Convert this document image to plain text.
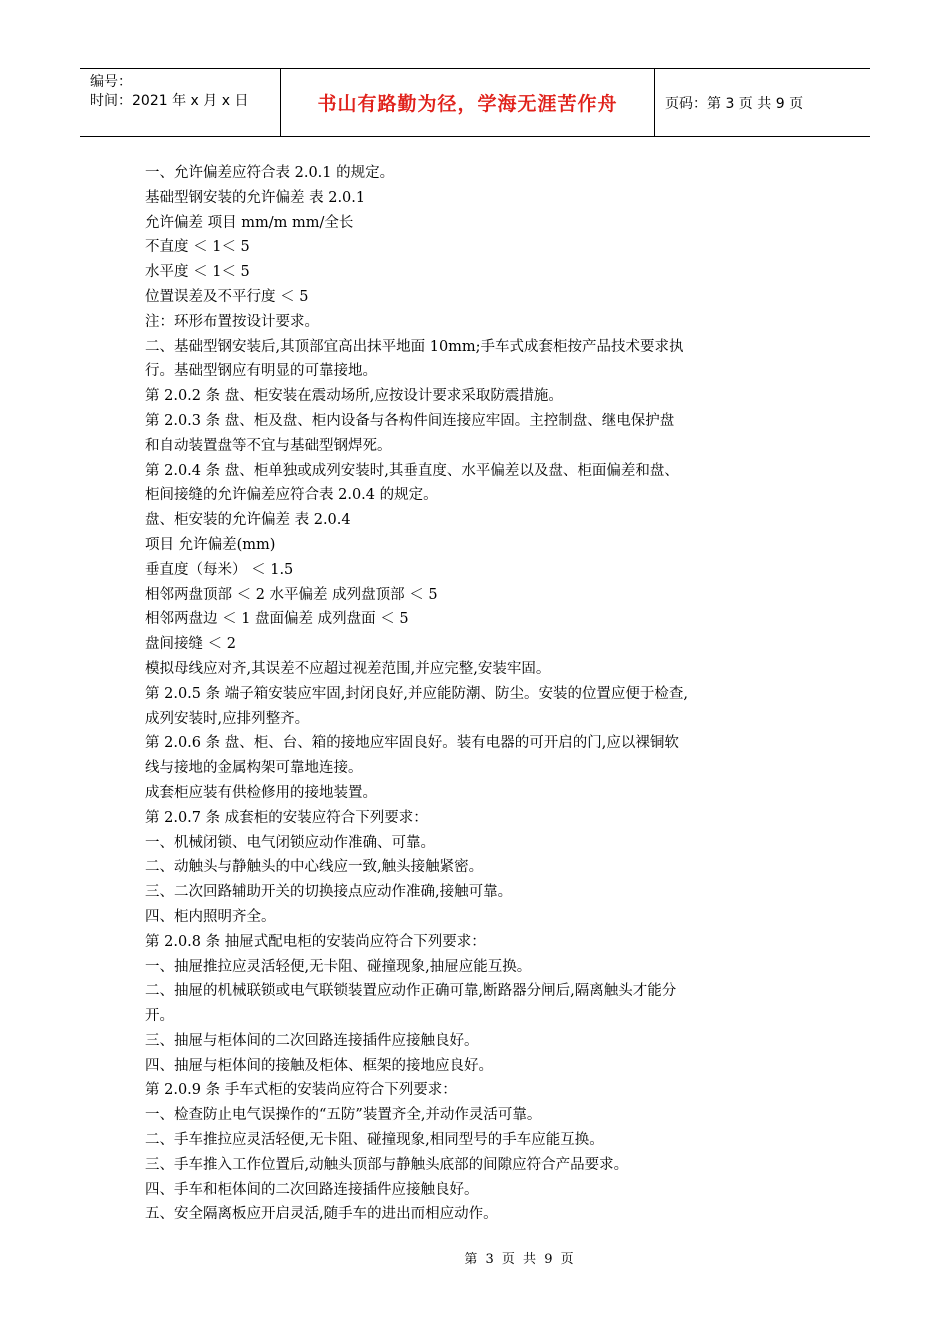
编号：
时间：2021 年 x 月 x 日	书山有路勤为径，学海无涯苦作舟	页码：第 3 页 共 9 页

一、允许偏差应符合表 2.0.1 的规定。

基础型钢安装的允许偏差 表 2.0.1

允许偏差 项目 mm/m mm/全长

不直度 ＜ 1＜ 5

水平度 ＜ 1＜ 5

位置误差及不平行度 ＜ 5

注：环形布置按设计要求。

二、基础型钢安装后,其顶部宜高出抹平地面 10mm;手车式成套柜按产品技术要求执

行。基础型钢应有明显的可靠接地。

第 2.0.2 条 盘、柜安装在震动场所,应按设计要求采取防震措施。

第 2.0.3 条 盘、柜及盘、柜内设备与各构件间连接应牢固。主控制盘、继电保护盘

和自动装置盘等不宜与基础型钢焊死。

第 2.0.4 条 盘、柜单独或成列安装时,其垂直度、水平偏差以及盘、柜面偏差和盘、

柜间接缝的允许偏差应符合表 2.0.4 的规定。

盘、柜安装的允许偏差 表 2.0.4

项目 允许偏差(mm)

垂直度（每米） ＜ 1.5

相邻两盘顶部 ＜ 2 水平偏差 成列盘顶部 ＜ 5

相邻两盘边 ＜ 1 盘面偏差 成列盘面 ＜ 5

盘间接缝 ＜ 2

模拟母线应对齐,其误差不应超过视差范围,并应完整,安装牢固。

第 2.0.5 条 端子箱安装应牢固,封闭良好,并应能防潮、防尘。安装的位置应便于检查,

成列安装时,应排列整齐。

第 2.0.6 条 盘、柜、台、箱的接地应牢固良好。装有电器的可开启的门,应以裸铜软

线与接地的金属构架可靠地连接。

成套柜应装有供检修用的接地装置。

第 2.0.7 条 成套柜的安装应符合下列要求：

一、机械闭锁、电气闭锁应动作准确、可靠。

二、动触头与静触头的中心线应一致,触头接触紧密。

三、二次回路辅助开关的切换接点应动作准确,接触可靠。

四、柜内照明齐全。

第 2.0.8 条 抽屉式配电柜的安装尚应符合下列要求：

一、抽屉推拉应灵活轻便,无卡阻、碰撞现象,抽屉应能互换。

二、抽屉的机械联锁或电气联锁装置应动作正确可靠,断路器分闸后,隔离触头才能分

开。

三、抽屉与柜体间的二次回路连接插件应接触良好。

四、抽屉与柜体间的接触及柜体、框架的接地应良好。

第 2.0.9 条 手车式柜的安装尚应符合下列要求：

一、检查防止电气误操作的“五防”装置齐全,并动作灵活可靠。

二、手车推拉应灵活轻便,无卡阻、碰撞现象,相同型号的手车应能互换。

三、手车推入工作位置后,动触头顶部与静触头底部的间隙应符合产品要求。

四、手车和柜体间的二次回路连接插件应接触良好。

五、安全隔离板应开启灵活,随手车的进出而相应动作。

第 3 页 共 9 页
